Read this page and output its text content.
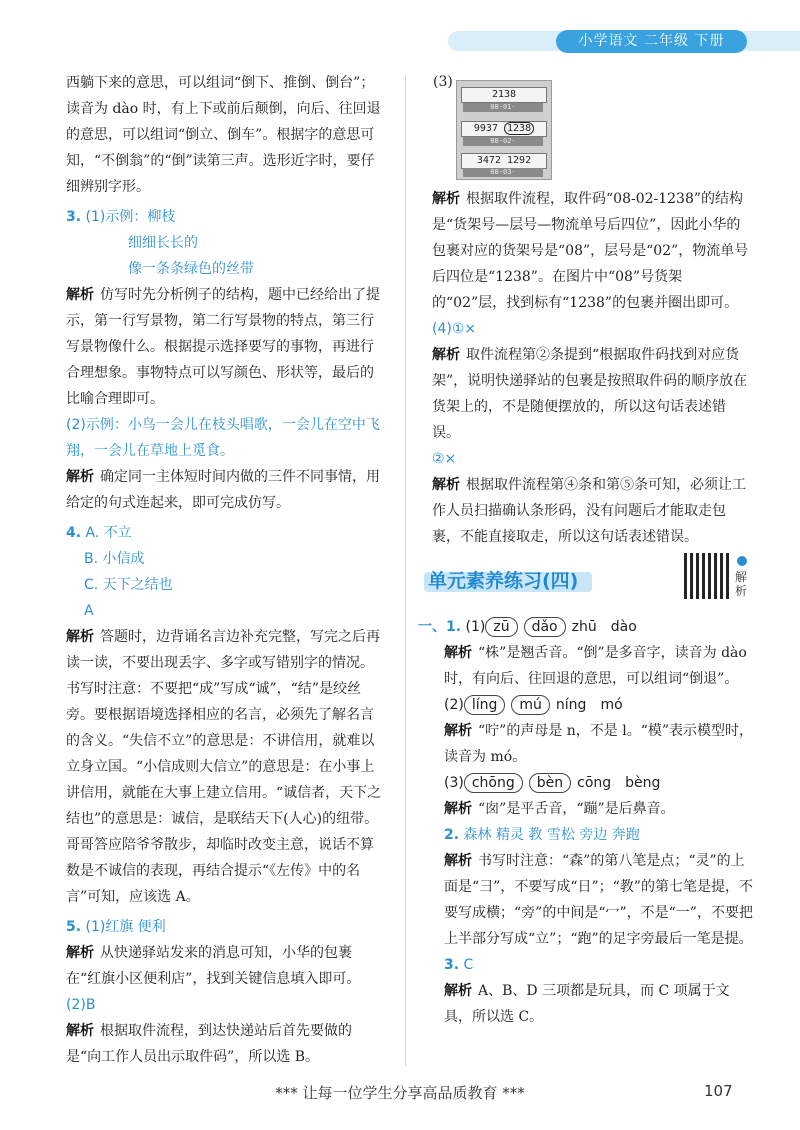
小学语文 二年级 下册

西躺下来的意思，可以组词“倒下、推倒、倒台”；读音为 dào 时，有上下或前后颠倒，向后、往回退的意思，可以组词“倒立、倒车”。根据字的意思可知，“不倒翁”的“倒”读第三声。选形近字时，要仔细辨别字形。

3. (1)示例：柳枝

细细长长的

像一条条绿色的丝带

解析 仿写时先分析例子的结构，题中已经给出了提示，第一行写景物，第二行写景物的特点，第三行写景物像什么。根据提示选择要写的事物，再进行合理想象。事物特点可以写颜色、形状等，最后的比喻合理即可。

(2)示例：小鸟一会儿在枝头唱歌，一会儿在空中飞翔，一会儿在草地上觅食。

解析 确定同一主体短时间内做的三件不同事情，用给定的句式连起来，即可完成仿写。

4. A. 不立

B. 小信成

C. 天下之结也

A

解析 答题时，边背诵名言边补充完整，写完之后再读一读，不要出现丢字、多字或写错别字的情况。书写时注意：不要把“成”写成“诚”，“结”是绞丝旁。要根据语境选择相应的名言，必须先了解名言的含义。“失信不立”的意思是：不讲信用，就难以立身立国。“小信成则大信立”的意思是：在小事上讲信用，就能在大事上建立信用。“诚信者，天下之结也”的意思是：诚信，是联结天下(人心)的纽带。哥哥答应陪爷爷散步，却临时改变主意，说话不算数是不诚信的表现，再结合提示“《左传》中的名言”可知，应该选 A。

5. (1)红旗 便利

解析 从快递驿站发来的消息可知，小华的包裹在“红旗小区便利店”，找到关键信息填入即可。

(2)B

解析 根据取件流程，到达快递站后首先要做的是“向工作人员出示取件码”，所以选 B。

(3)
2138
08-01-
9937 1238
08-02-
3472 1292
08-03-

解析 根据取件流程，取件码“08-02-1238”的结构是“货架号—层号—物流单号后四位”，因此小华的包裹对应的货架号是“08”，层号是“02”，物流单号后四位是“1238”。在图片中“08”号货架的“02”层，找到标有“1238”的包裹并圈出即可。

(4)①×

解析 取件流程第②条提到“根据取件码找到对应货架”，说明快递驿站的包裹是按照取件码的顺序放在货架上的，不是随便摆放的，所以这句话表述错误。

②×

解析 根据取件流程第④条和第⑤条可知，必须让工作人员扫描确认条形码，没有问题后才能取走包裹，不能直接取走，所以这句话表述错误。

单元素养练习(四)	解析

一、1. (1) zū dǎo zhū dào

解析 “株”是翘舌音。“倒”是多音字，读音为 dào 时，有向后、往回退的意思，可以组词“倒退”。

(2) líng mú níng mó

解析 “咛”的声母是 n，不是 l。“模”表示模型时，读音为 mó。

(3) chōng bèn cōng bèng

解析 “囱”是平舌音，“蹦”是后鼻音。

2. 森林 精灵 教 雪松 旁边 奔跑

解析 书写时注意：“森”的第八笔是点；“灵”的上面是“彐”，不要写成“日”；“教”的第七笔是提，不要写成横；“旁”的中间是“冖”，不是“一”，不要把上半部分写成“立”；“跑”的足字旁最后一笔是提。

3. C

解析 A、B、D 三项都是玩具，而 C 项属于文具，所以选 C。

*** 让每一位学生分享高品质教育 ***	107
